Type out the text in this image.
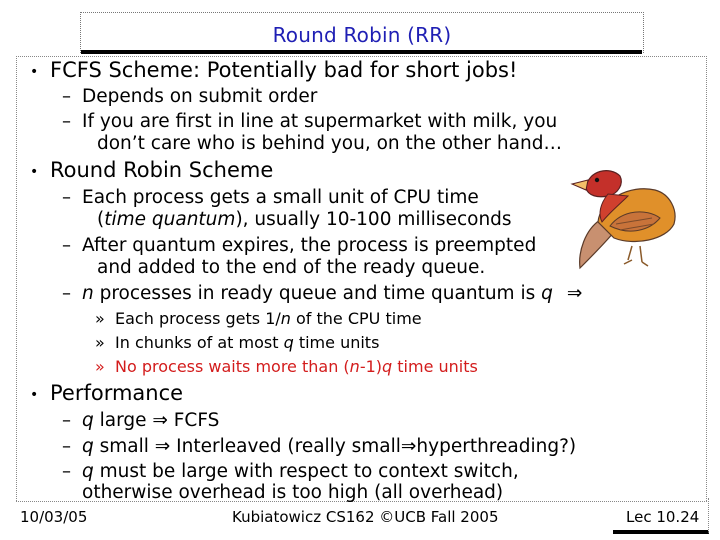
Round Robin (RR)
• FCFS Scheme: Potentially bad for short jobs!
– Depends on submit order
– If you are first in line at supermarket with milk, you
don’t care who is behind you, on the other hand…
• Round Robin Scheme
– Each process gets a small unit of CPU time
(time quantum), usually 10-100 milliseconds
– After quantum expires, the process is preempted
and added to the end of the ready queue.
– n processes in ready queue and time quantum is q ⇒
» Each process gets 1/n of the CPU time
» In chunks of at most q time units
» No process waits more than (n-1)q time units
• Performance
– q large ⇒ FCFS
– q small ⇒ Interleaved (really small⇒hyperthreading?)
– q must be large with respect to context switch,
otherwise overhead is too high (all overhead)
10/03/05	Kubiatowicz CS162 ©UCB Fall 2005	Lec 10.24
